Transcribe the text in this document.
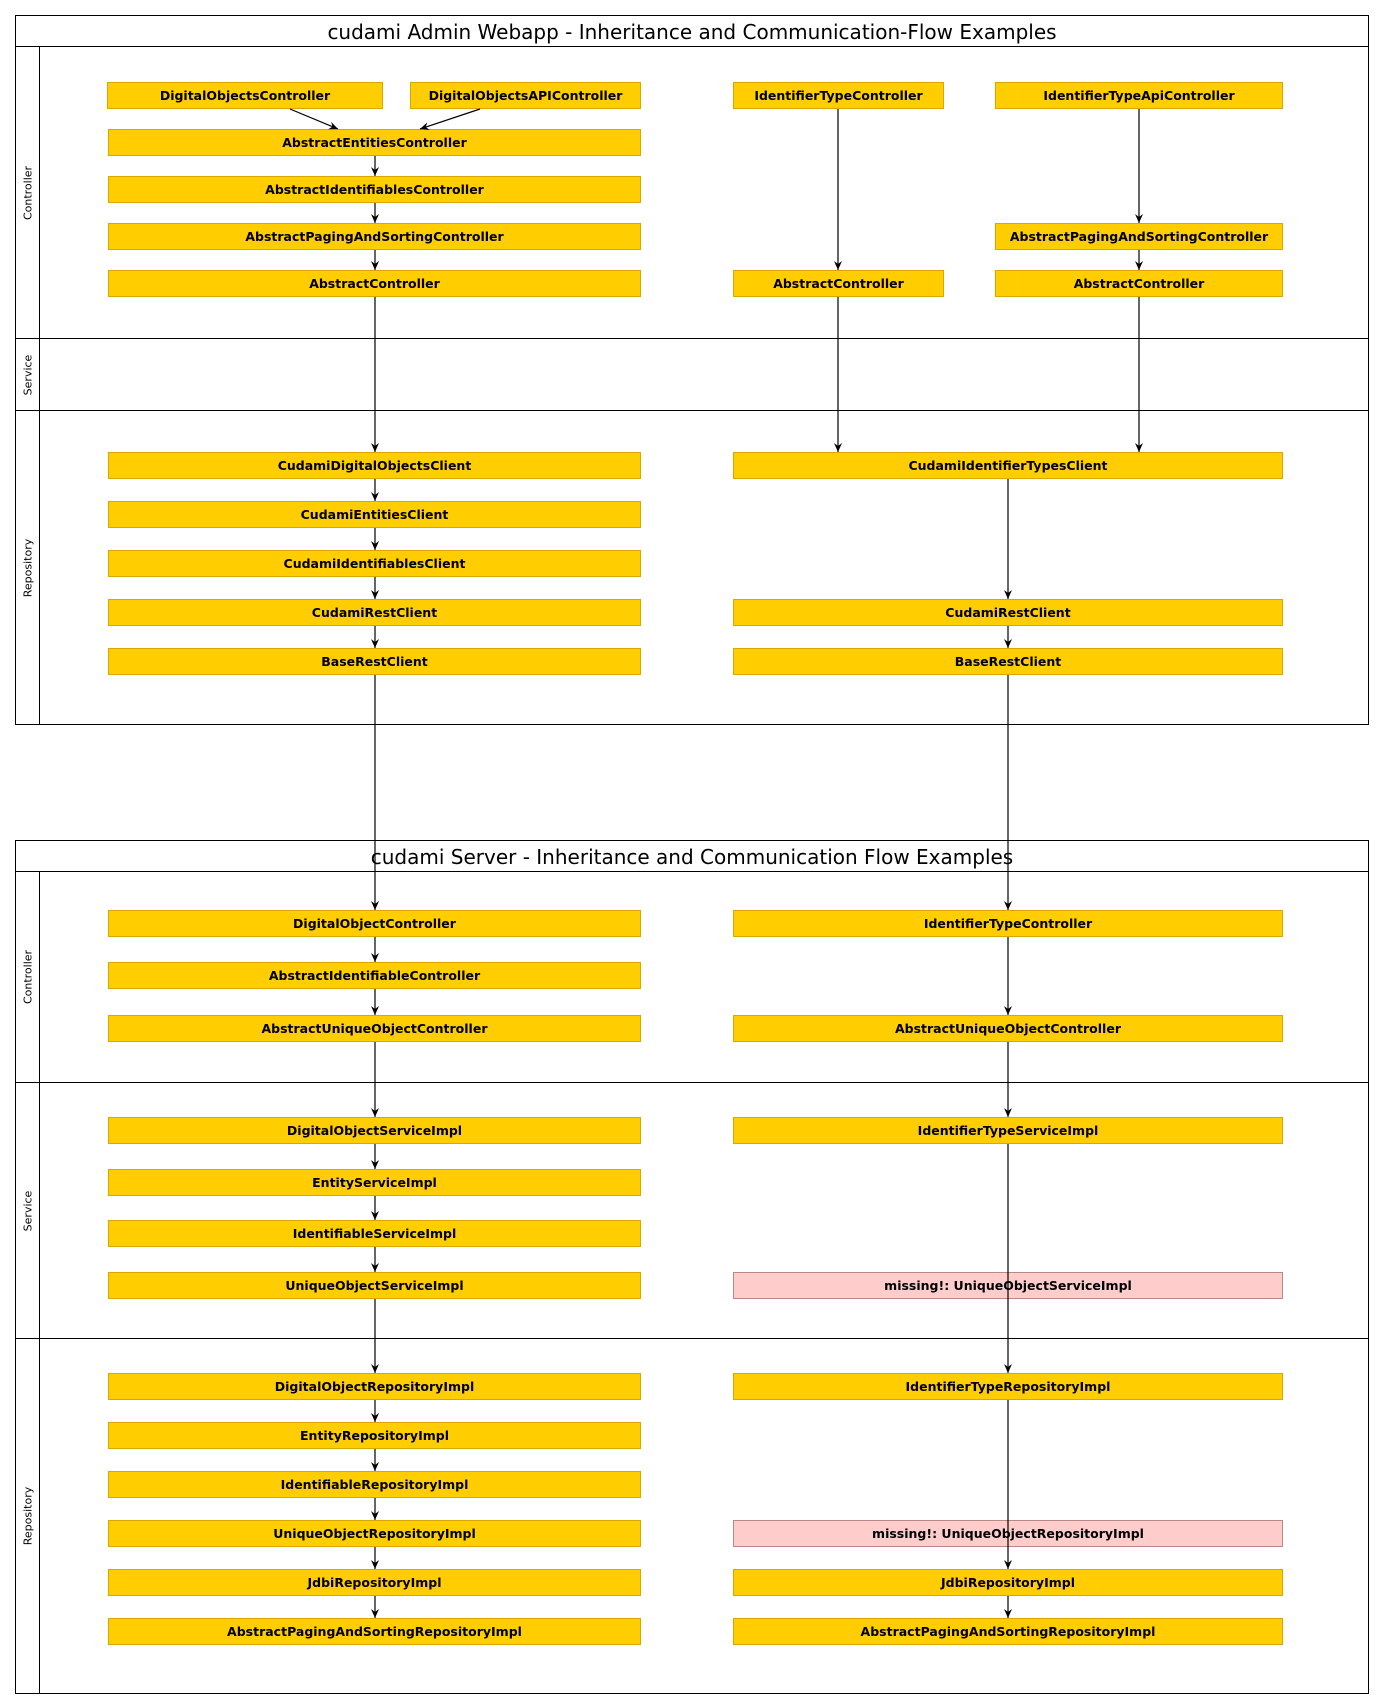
cudami Admin Webapp - Inheritance and Communication-Flow Examples
Controller
Service
Repository
cudami Server - Inheritance and Communication Flow Examples
Controller
Service
Repository
DigitalObjectsController	DigitalObjectsAPIController
AbstractEntitiesController
AbstractIdentifiablesController
AbstractPagingAndSortingController
AbstractController
IdentifierTypeController
AbstractController
IdentifierTypeApiController
AbstractPagingAndSortingController
AbstractController
CudamiDigitalObjectsClient
CudamiEntitiesClient
CudamiIdentifiablesClient
CudamiRestClient
BaseRestClient
CudamiIdentifierTypesClient
CudamiRestClient
BaseRestClient
DigitalObjectController
AbstractIdentifiableController
AbstractUniqueObjectController
IdentifierTypeController
AbstractUniqueObjectController
DigitalObjectServiceImpl
EntityServiceImpl
IdentifiableServiceImpl
UniqueObjectServiceImpl
IdentifierTypeServiceImpl
missing!: UniqueObjectServiceImpl
DigitalObjectRepositoryImpl
EntityRepositoryImpl
IdentifiableRepositoryImpl
UniqueObjectRepositoryImpl
JdbiRepositoryImpl
AbstractPagingAndSortingRepositoryImpl
IdentifierTypeRepositoryImpl
missing!: UniqueObjectRepositoryImpl
JdbiRepositoryImpl
AbstractPagingAndSortingRepositoryImpl
